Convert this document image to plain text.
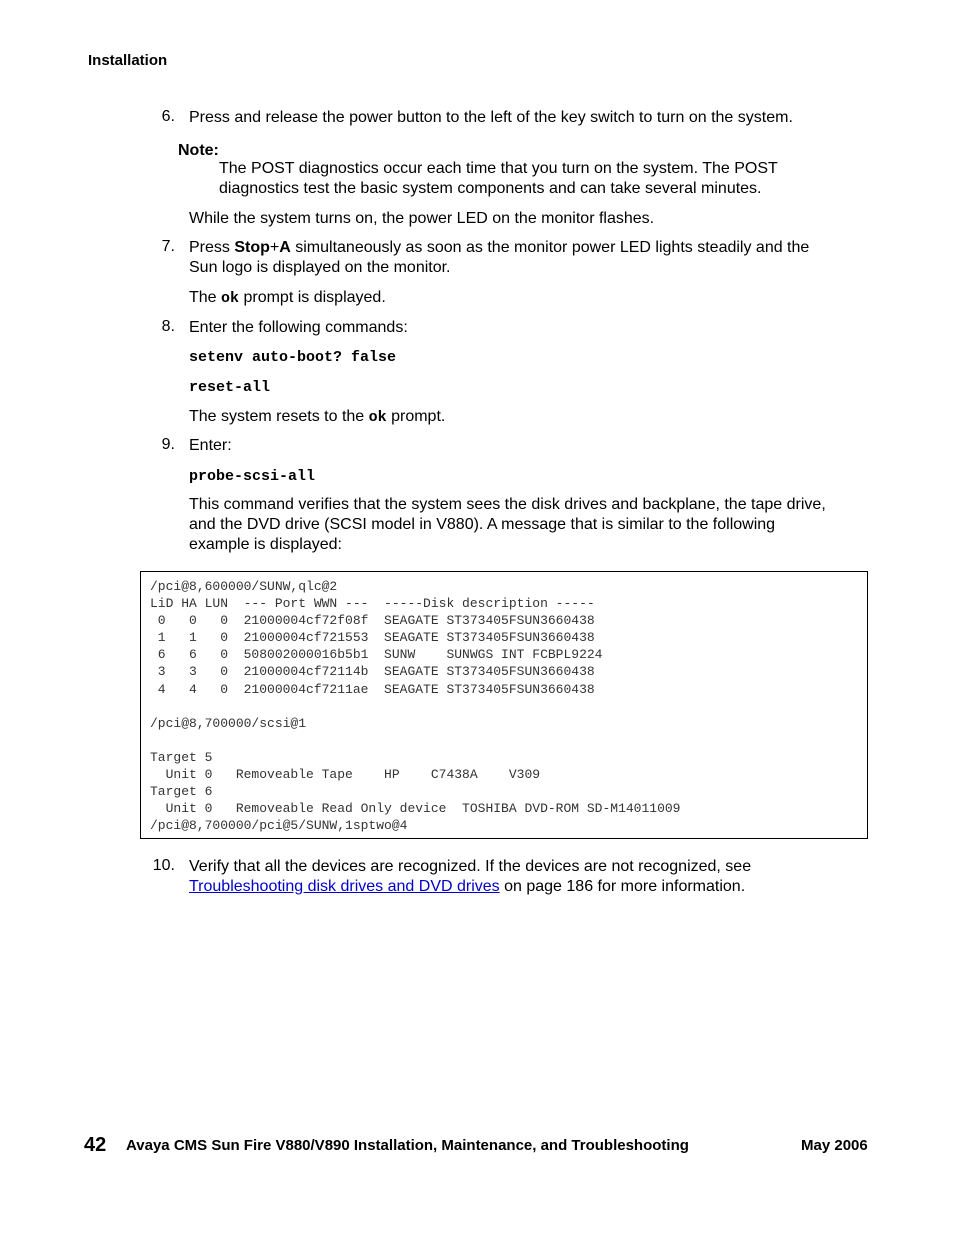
Installation
6. Press and release the power button to the left of the key switch to turn on the system.
Note:
The POST diagnostics occur each time that you turn on the system. The POST
diagnostics test the basic system components and can take several minutes.
While the system turns on, the power LED on the monitor flashes.
7. Press Stop+A simultaneously as soon as the monitor power LED lights steadily and the
Sun logo is displayed on the monitor.
The ok prompt is displayed.
8. Enter the following commands:
setenv auto-boot? false
reset-all
The system resets to the ok prompt.
9. Enter:
probe-scsi-all
This command verifies that the system sees the disk drives and backplane, the tape drive,
and the DVD drive (SCSI model in V880). A message that is similar to the following
example is displayed:
/pci@8,600000/SUNW,qlc@2
LiD HA LUN  --- Port WWN ---  -----Disk description -----
0   0   0  21000004cf72f08f  SEAGATE ST373405FSUN3660438
1   1   0  21000004cf721553  SEAGATE ST373405FSUN3660438
6   6   0  508002000016b5b1  SUNW    SUNWGS INT FCBPL9224
3   3   0  21000004cf72114b  SEAGATE ST373405FSUN3660438
4   4   0  21000004cf7211ae  SEAGATE ST373405FSUN3660438

/pci@8,700000/scsi@1

Target 5
Unit 0   Removeable Tape    HP    C7438A    V309
Target 6
Unit 0   Removeable Read Only device  TOSHIBA DVD-ROM SD-M14011009
/pci@8,700000/pci@5/SUNW,1sptwo@4
10. Verify that all the devices are recognized. If the devices are not recognized, see
Troubleshooting disk drives and DVD drives on page 186 for more information.
42 Avaya CMS Sun Fire V880/V890 Installation, Maintenance, and Troubleshooting	May 2006
